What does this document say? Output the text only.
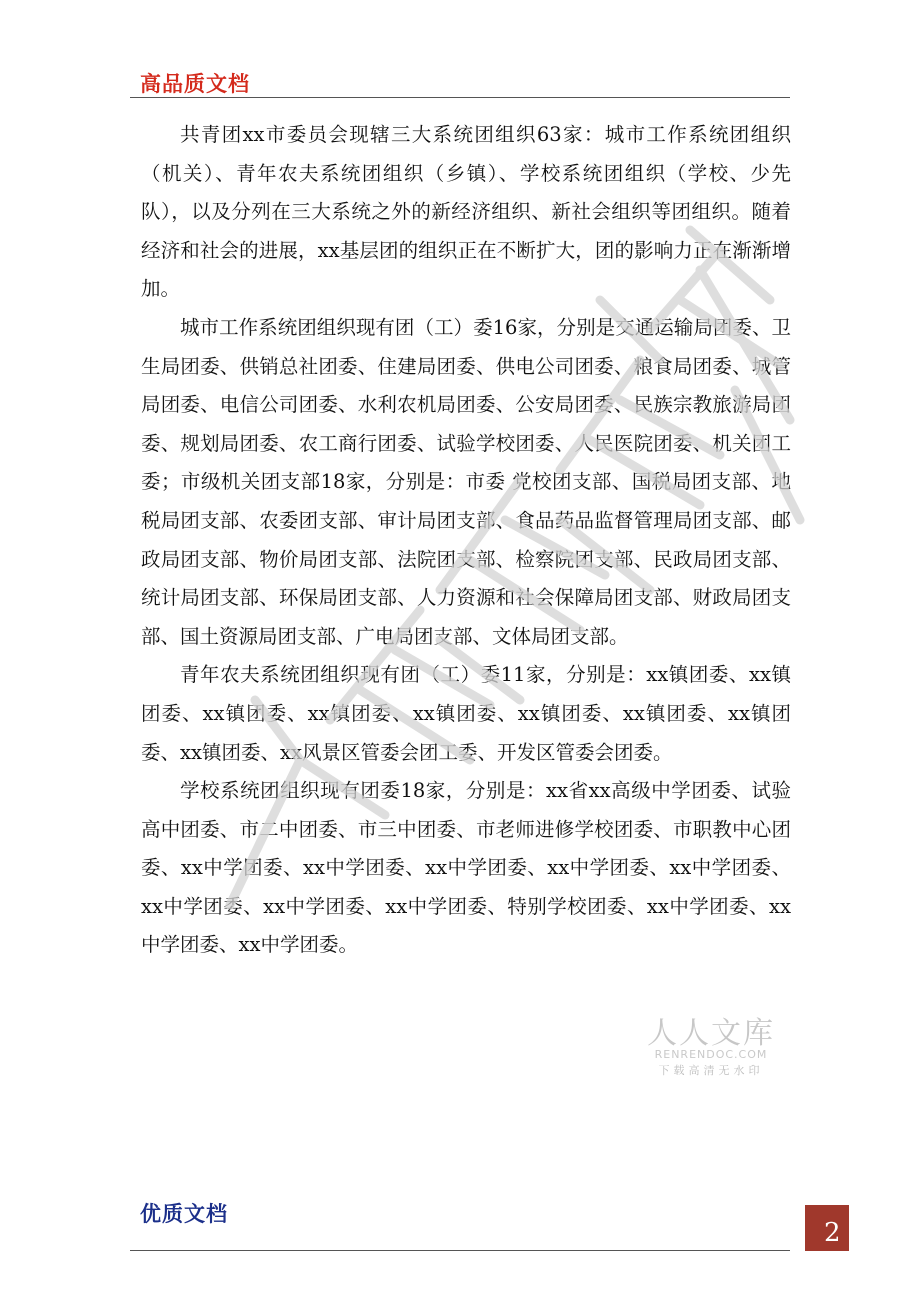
高品质文档

共青团xx市委员会现辖三大系统团组织63家：城市工作系统团组织（机关）、青年农夫系统团组织（乡镇）、学校系统团组织（学校、少先队），以及分列在三大系统之外的新经济组织、新社会组织等团组织。随着经济和社会的进展，xx基层团的组织正在不断扩大，团的影响力正在渐渐增加。

城市工作系统团组织现有团（工）委16家，分别是交通运输局团委、卫生局团委、供销总社团委、住建局团委、供电公司团委、粮食局团委、城管局团委、电信公司团委、水利农机局团委、公安局团委、民族宗教旅游局团委、规划局团委、农工商行团委、试验学校团委、人民医院团委、机关团工委；市级机关团支部18家，分别是：市委 党校团支部、国税局团支部、地税局团支部、农委团支部、审计局团支部、食品药品监督管理局团支部、邮政局团支部、物价局团支部、法院团支部、检察院团支部、民政局团支部、统计局团支部、环保局团支部、人力资源和社会保障局团支部、财政局团支部、国土资源局团支部、广电局团支部、文体局团支部。

青年农夫系统团组织现有团（工）委11家，分别是：xx镇团委、xx镇团委、xx镇团委、xx镇团委、xx镇团委、xx镇团委、xx镇团委、xx镇团委、xx镇团委、xx风景区管委会团工委、开发区管委会团委。

学校系统团组织现有团委18家，分别是：xx省xx高级中学团委、试验高中团委、市二中团委、市三中团委、市老师进修学校团委、市职教中心团委、xx中学团委、xx中学团委、xx中学团委、xx中学团委、xx中学团委、xx中学团委、xx中学团委、xx中学团委、特别学校团委、xx中学团委、xx中学团委、xx中学团委。

人人文库
RENRENDOC.COM
下载高清无水印
优质文档
2
